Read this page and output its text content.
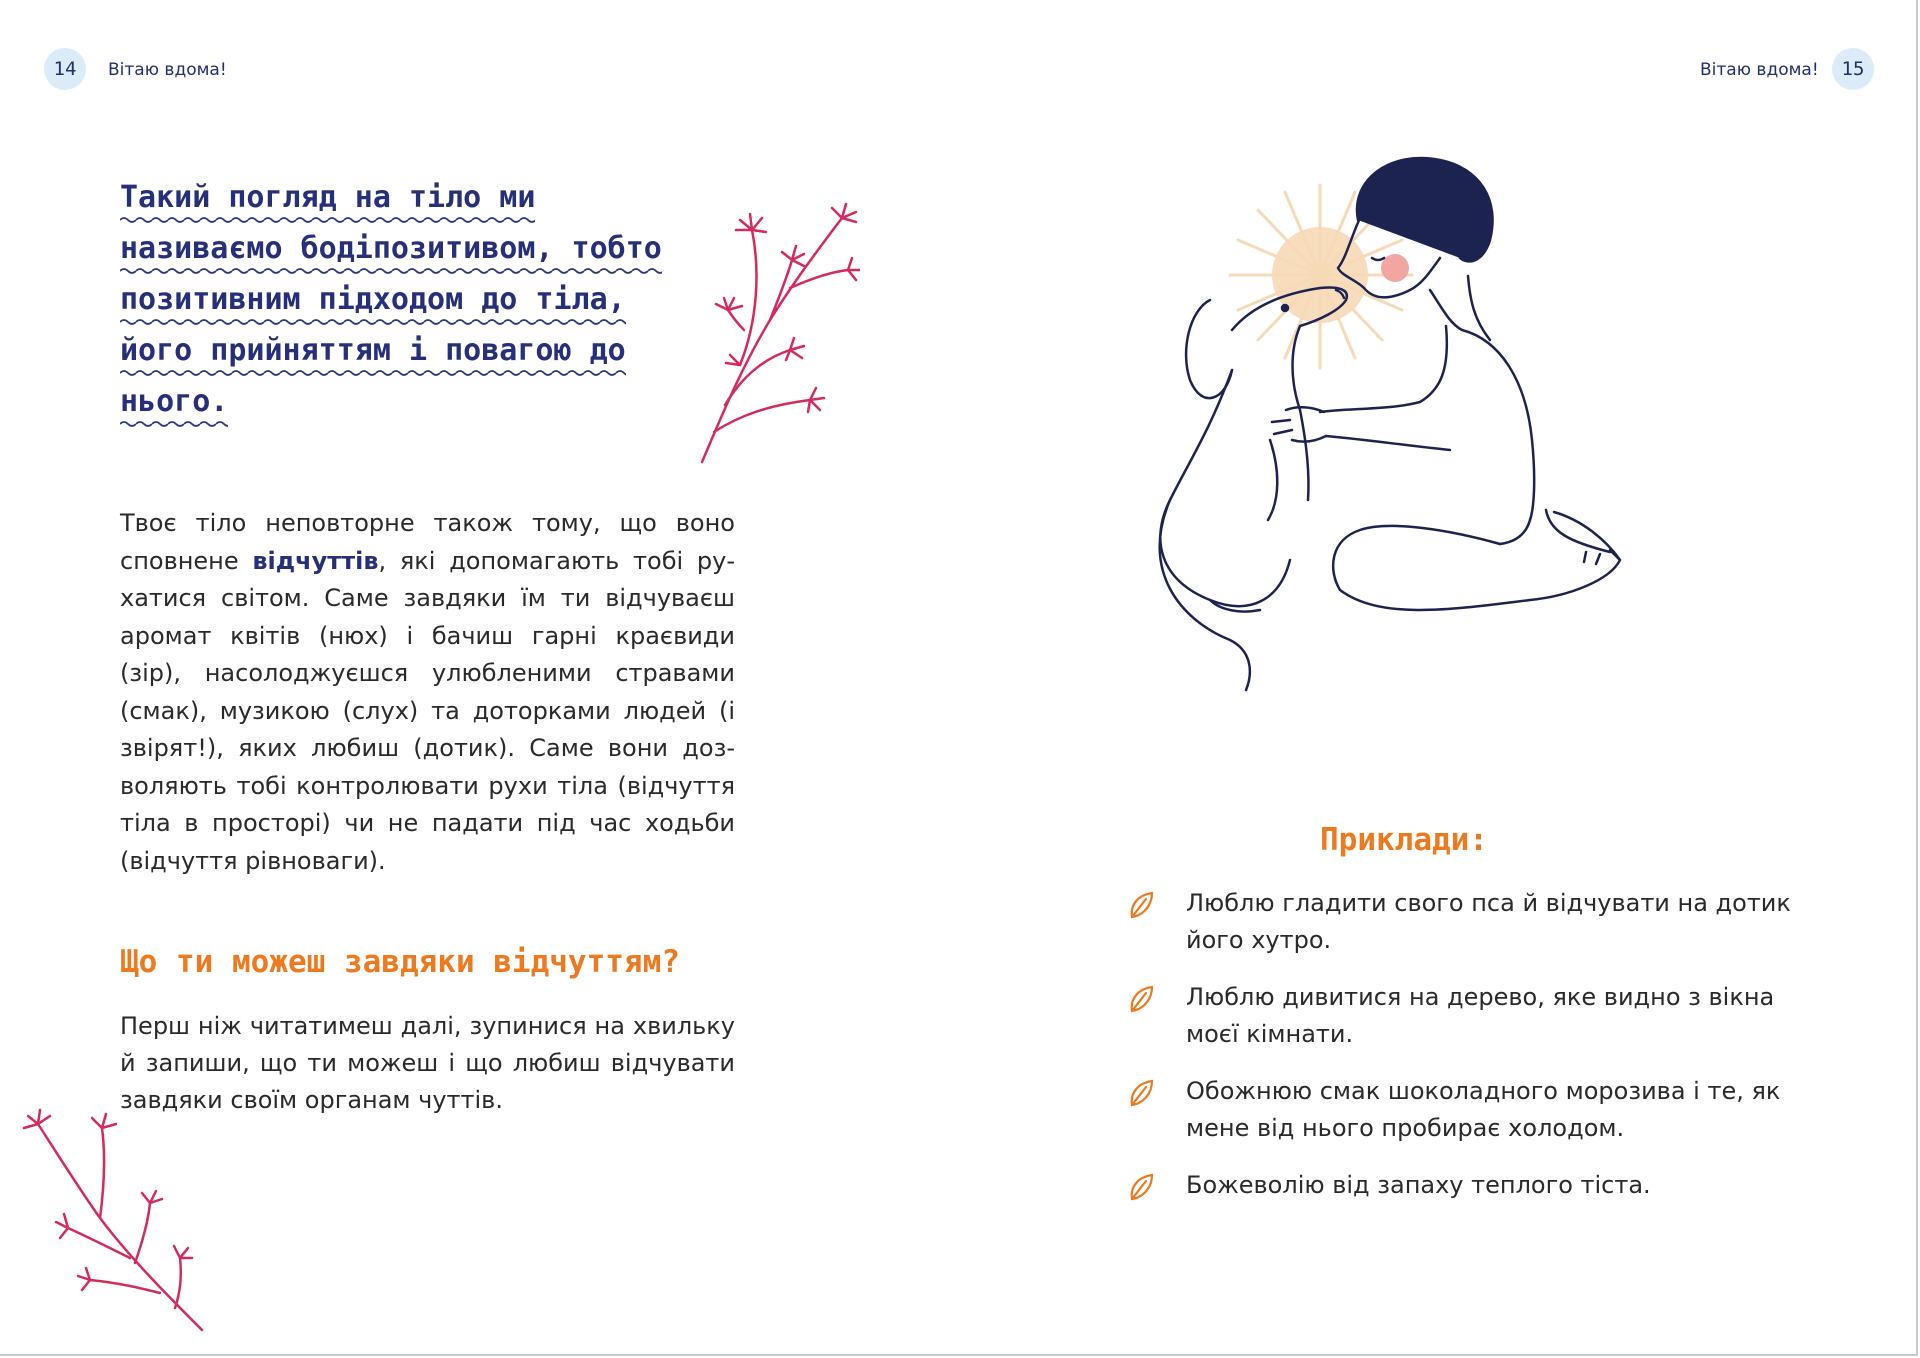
14	Вітаю вдома!	Вітаю вдома!	15
Такий погляд на тіло ми
називаємо бодіпозитивом, тобто
позитивним підходом до тіла,
його прийняттям і повагою до
нього.

Твоє тіло неповторне також тому, що воно сповнене відчуттів, які допомагають тобі рухатися світом. Саме завдяки їм ти відчуваєш аромат квітів (нюх) і бачиш гарні краєвиди (зір), насолоджуєшся улюбленими стравами (смак), музикою (слух) та доторками людей (і звірят!), яких любиш (дотик). Саме вони дозволяють тобі контролювати рухи тіла (відчуття тіла в просторі) чи не падати під час ходьби (відчуття рівноваги).

Що ти можеш завдяки відчуттям?

Перш ніж читатимеш далі, зупинися на хвильку й запиши, що ти можеш і що любиш відчувати завдяки своїм органам чуттів.

Приклади:
Люблю гладити свого пса й відчувати на дотик його хутро.
Люблю дивитися на дерево, яке видно з вікна моєї кімнати.
Обожнюю смак шоколадного морозива і те, як мене від нього пробирає холодом.
Божеволію від запаху теплого тіста.
